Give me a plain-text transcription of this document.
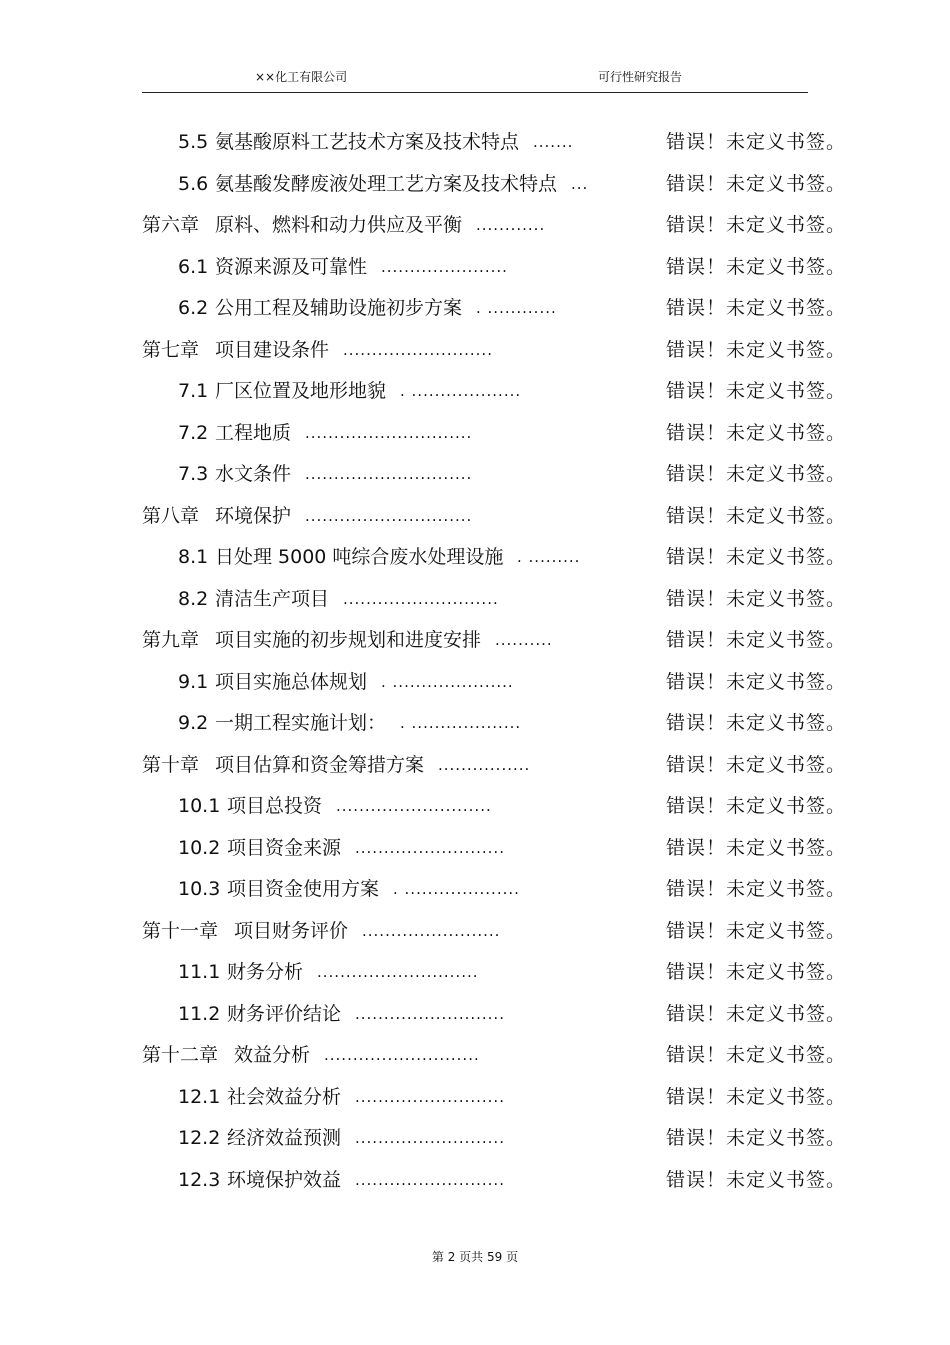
××化工有限公司	可行性研究报告
5.5 氨基酸原料工艺技术方案及技术特点 .......	错误！未定义书签。
5.6 氨基酸发酵废液处理工艺方案及技术特点 ...	错误！未定义书签。
第六章 原料、燃料和动力供应及平衡 ............	错误！未定义书签。
6.1 资源来源及可靠性 ......................	错误！未定义书签。
6.2 公用工程及辅助设施初步方案 . ............	错误！未定义书签。
第七章 项目建设条件 ..........................	错误！未定义书签。
7.1 厂区位置及地形地貌 . ...................	错误！未定义书签。
7.2 工程地质 .............................	错误！未定义书签。
7.3 水文条件 .............................	错误！未定义书签。
第八章 环境保护 .............................	错误！未定义书签。
8.1 日处理 5000 吨综合废水处理设施 . .........	错误！未定义书签。
8.2 清洁生产项目 ...........................	错误！未定义书签。
第九章 项目实施的初步规划和进度安排 ..........	错误！未定义书签。
9.1 项目实施总体规划 . .....................	错误！未定义书签。
9.2 一期工程实施计划： . ...................	错误！未定义书签。
第十章 项目估算和资金筹措方案 ................	错误！未定义书签。
10.1 项目总投资 ...........................	错误！未定义书签。
10.2 项目资金来源 ..........................	错误！未定义书签。
10.3 项目资金使用方案 . ....................	错误！未定义书签。
第十一章 项目财务评价 ........................	错误！未定义书签。
11.1 财务分析 ............................	错误！未定义书签。
11.2 财务评价结论 ..........................	错误！未定义书签。
第十二章 效益分析 ...........................	错误！未定义书签。
12.1 社会效益分析 ..........................	错误！未定义书签。
12.2 经济效益预测 ..........................	错误！未定义书签。
12.3 环境保护效益 ..........................	错误！未定义书签。
第 2 页共 59 页
